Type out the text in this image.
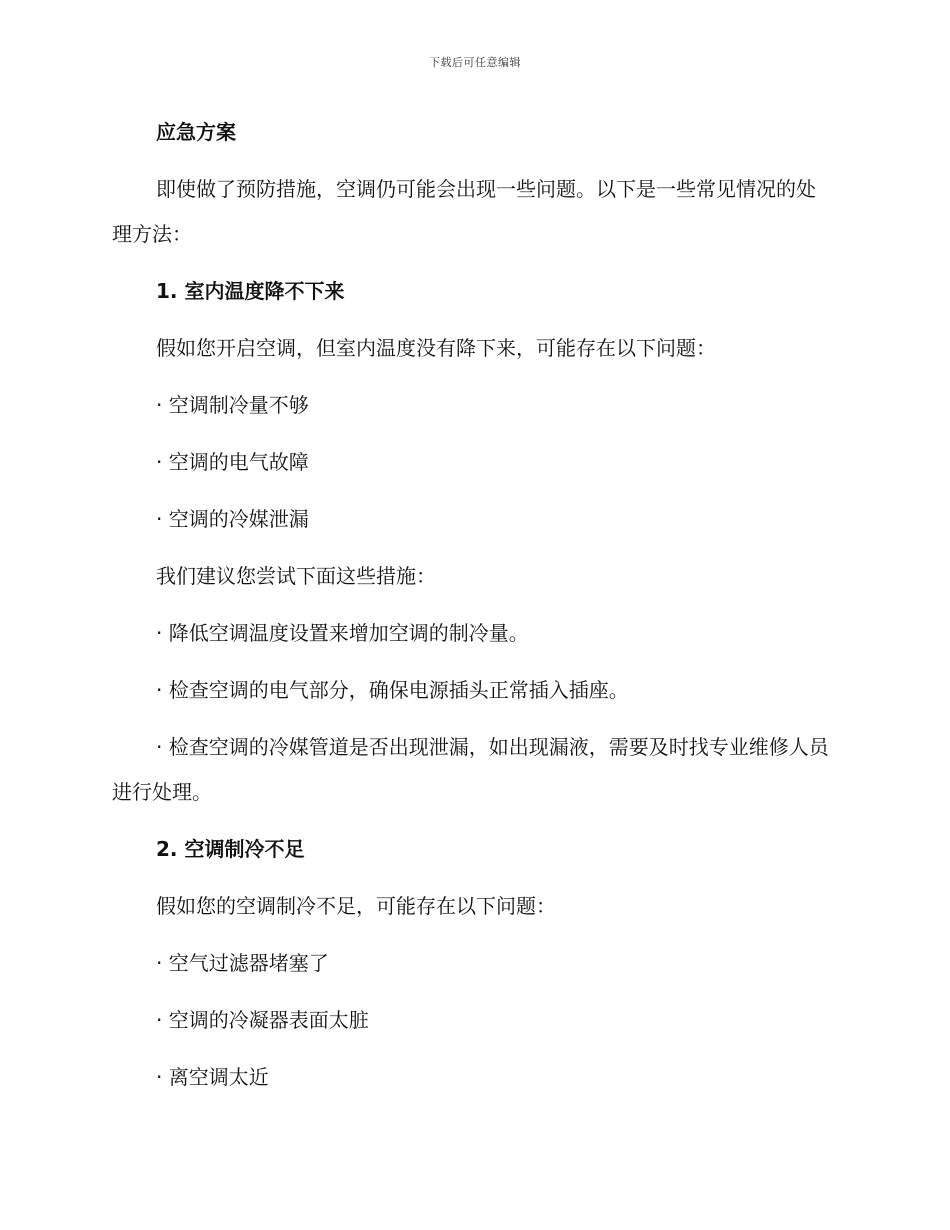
下载后可任意编辑

应急方案

即使做了预防措施，空调仍可能会出现一些问题。以下是一些常见情况的处理方法：

1. 室内温度降不下来

假如您开启空调，但室内温度没有降下来，可能存在以下问题：

· 空调制冷量不够

· 空调的电气故障

· 空调的冷媒泄漏

我们建议您尝试下面这些措施：

· 降低空调温度设置来增加空调的制冷量。

· 检查空调的电气部分，确保电源插头正常插入插座。

· 检查空调的冷媒管道是否出现泄漏，如出现漏液，需要及时找专业维修人员进行处理。

2. 空调制冷不足

假如您的空调制冷不足，可能存在以下问题：

· 空气过滤器堵塞了

· 空调的冷凝器表面太脏

· 离空调太近
